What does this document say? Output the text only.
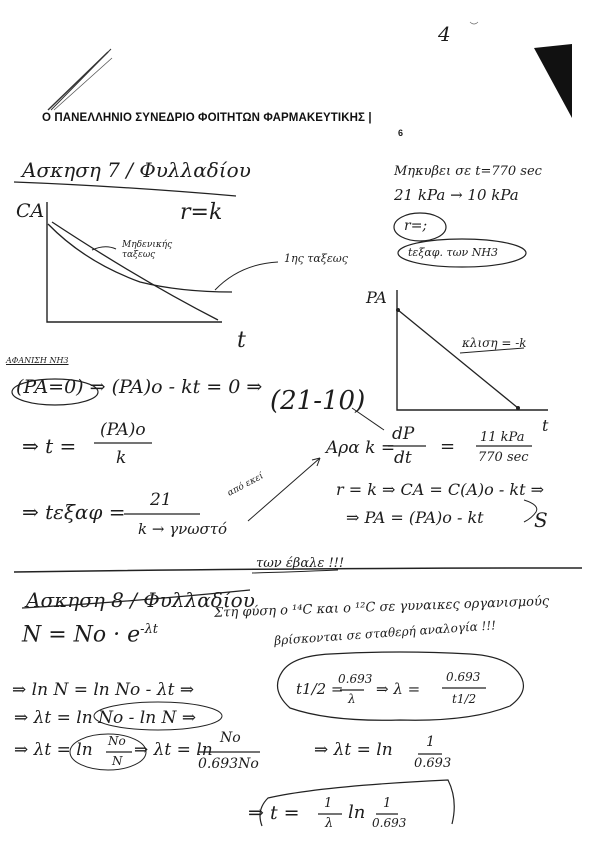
4
Ο ΠΑΝΕΛΛΗΝΙΟ ΣΥΝΕΔΡΙΟ ΦΟΙΤΗΤΩΝ ΦΑΡΜΑΚΕΥΤΙΚΗΣ |
6
Ασκηση 7 / Φυλλαδίου
CA
t
r=k
Μηδενικής ταξεως	1ης ταξεως
Μηκυβει σε t=770 sec
21 kPa → 10 kPa
r=;
tεξαφ. των NH3
PA
t
κλιση = -k
ΑΦΑΝΙΣΗ NH3
(PA=0) ⇒ (PA)o - kt = 0 ⇒
⇒ t =
(PA)o
k
⇒ tεξαφ = 21
k → γνωστό
(21-10)
από εκεί
Αρα k =
dP
dt
= 11 kPa
770 sec
r = k ⇒ CA = C(A)o - kt ⇒
⇒ PA = (PA)o - kt	S
των έβαλε !!!
Ασκηση 8 / Φυλλαδίου
$N = No \cdot e^{-\lambda t}$
Στη φύση ο ¹⁴C και ο ¹²C σε γυναικες οργανισμούς
βρίσκονται σε σταθερή αναλογία !!!
t1/2 =
0.693
λ
⇒ λ =
0.693
t1/2
⇒ ln N = ln No - λt ⇒
⇒ λt = ln No - ln N ⇒
⇒ λt = ln No
N
⇒ λt = ln
No
0.693No
⇒ λt = ln 1
0.693
⇒ t = 1
λ
ln 1
0.693
